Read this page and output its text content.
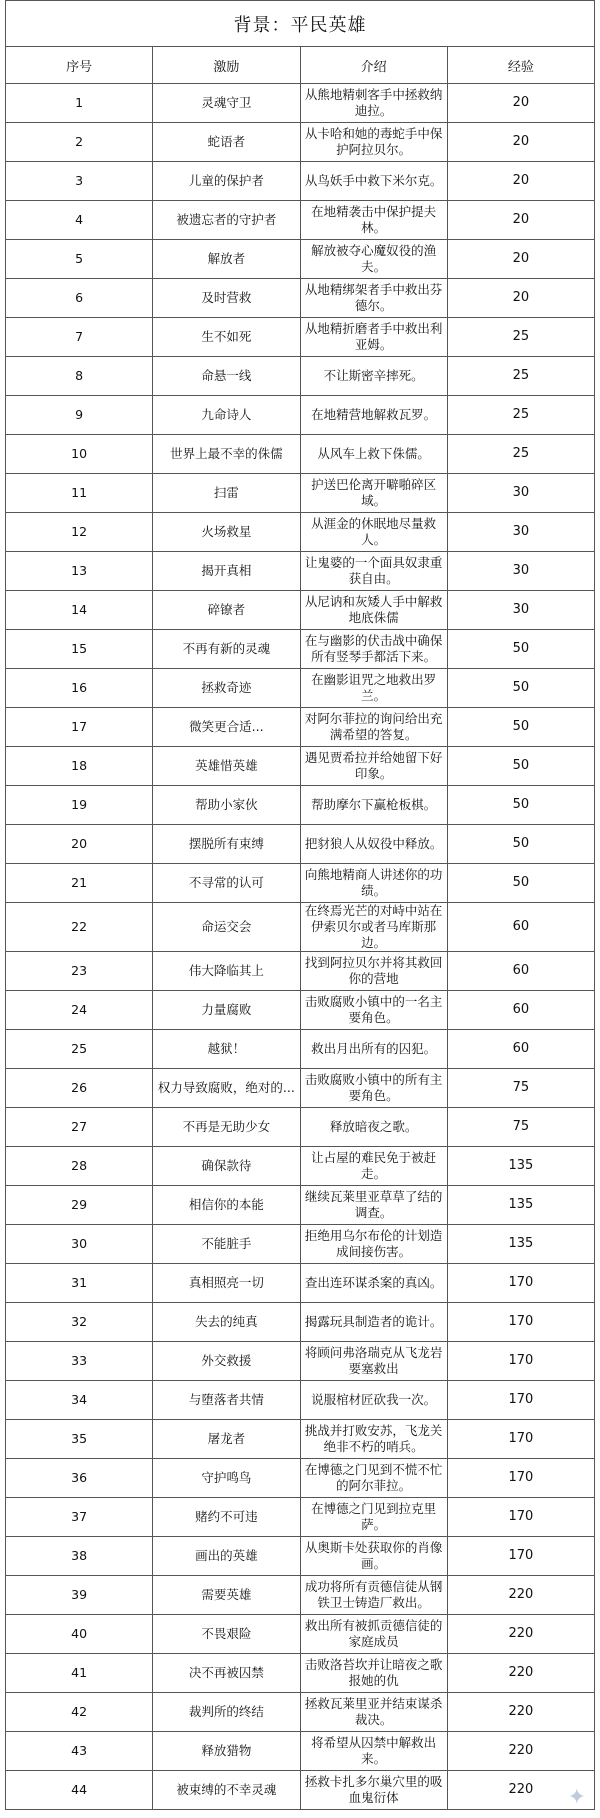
背景：平民英雄			
序号	激励	介绍	经验
1	灵魂守卫	从熊地精刺客手中拯救纳迪拉。	20
2	蛇语者	从卡哈和她的毒蛇手中保护阿拉贝尔。	20
3	儿童的保护者	从鸟妖手中救下米尔克。	20
4	被遗忘者的守护者	在地精袭击中保护提夫林。	20
5	解放者	解放被夺心魔奴役的渔夫。	20
6	及时营救	从地精绑架者手中救出芬德尔。	20
7	生不如死	从地精折磨者手中救出利亚姆。	25
8	命悬一线	不让斯密辛摔死。	25
9	九命诗人	在地精营地解救瓦罗。	25
10	世界上最不幸的侏儒	从风车上救下侏儒。	25
11	扫雷	护送巴伦离开噼啪碎区域。	30
12	火场救星	从涯金的休眠地尽量救人。	30
13	揭开真相	让鬼婆的一个面具奴隶重获自由。	30
14	碎镣者	从尼讷和灰矮人手中解救地底侏儒	30
15	不再有新的灵魂	在与幽影的伏击战中确保所有竖琴手都活下来。	50
16	拯救奇迹	在幽影诅咒之地救出罗兰。	50
17	微笑更合适...	对阿尔菲拉的询问给出充满希望的答复。	50
18	英雄惜英雄	遇见贾希拉并给她留下好印象。	50
19	帮助小家伙	帮助摩尔下赢枪板棋。	50
20	摆脱所有束缚	把豺狼人从奴役中释放。	50
21	不寻常的认可	向熊地精商人讲述你的功绩。	50
22	命运交会	在终焉光芒的对峙中站在伊索贝尔或者马库斯那边。	60
23	伟大降临其上	找到阿拉贝尔并将其救回你的营地	60
24	力量腐败	击败腐败小镇中的一名主要角色。	60
25	越狱！	救出月出所有的囚犯。	60
26	权力导致腐败，绝对的...	击败腐败小镇中的所有主要角色。	75
27	不再是无助少女	释放暗夜之歌。	75
28	确保款待	让占屋的难民免于被赶走。	135
29	相信你的本能	继续瓦莱里亚草草了结的调查。	135
30	不能脏手	拒绝用乌尔布伦的计划造成间接伤害。	135
31	真相照亮一切	查出连环谋杀案的真凶。	170
32	失去的纯真	揭露玩具制造者的诡计。	170
33	外交救援	将顾问弗洛瑞克从飞龙岩要塞救出	170
34	与堕落者共情	说服棺材匠砍我一次。	170
35	屠龙者	挑战并打败安苏，飞龙关绝非不朽的哨兵。	170
36	守护鸣鸟	在博德之门见到不慌不忙的阿尔菲拉。	170
37	赌约不可违	在博德之门见到拉克里萨。	170
38	画出的英雄	从奥斯卡处获取你的肖像画。	170
39	需要英雄	成功将所有贡德信徒从钢铁卫士铸造厂救出。	220
40	不畏艰险	救出所有被抓贡德信徒的家庭成员	220
41	决不再被囚禁	击败洛苔坎并让暗夜之歌报她的仇	220
42	裁判所的终结	拯救瓦莱里亚并结束谋杀裁决。	220
43	释放猎物	将希望从囚禁中解救出来。	220
44	被束缚的不幸灵魂	拯救卡扎多尔巢穴里的吸血鬼衍体	220 ✦
